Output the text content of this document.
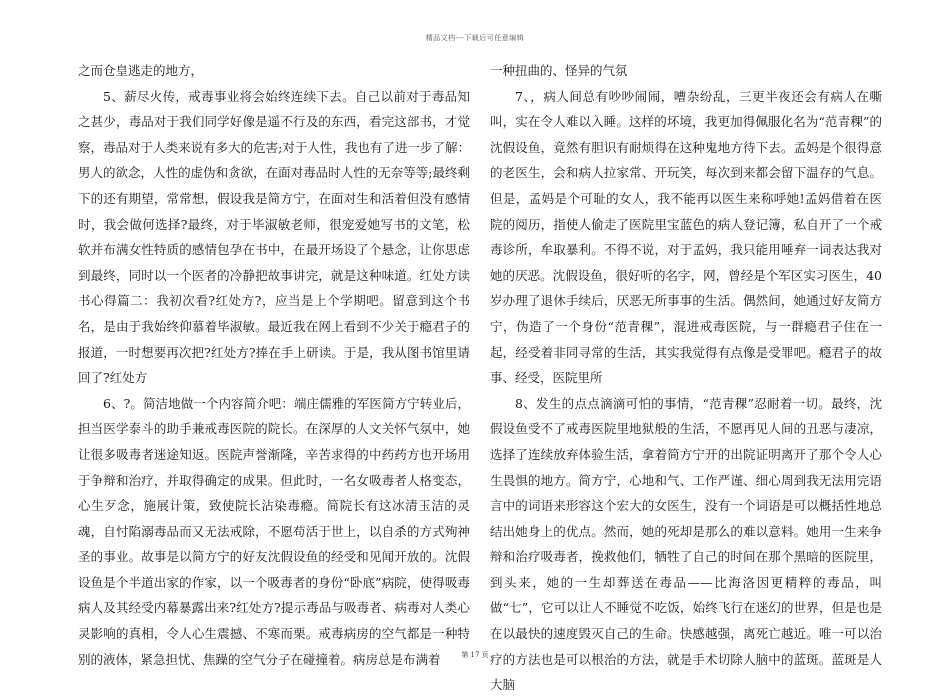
精品文档---下载后可任意编辑

之而仓皇逃走的地方，

5、薪尽火传，戒毒事业将会始终连续下去。自己以前对于毒品知之甚少，毒品对于我们同学好像是遥不行及的东西，看完这部书，才觉察，毒品对于人类来说有多大的危害;对于人性，我也有了进一步了解：男人的欲念，人性的虚伪和贪欲，在面对毒品时人性的无奈等等;最终剩下的还有期望，常常想，假设我是简方宁，在面对生和活着但没有感情时，我会做何选择?最终，对于毕淑敏老师，很宠爱她写书的文笔，松软并布满女性特质的感情包孕在书中，在最开场设了个悬念，让你思虑到最终，同时以一个医者的冷静把故事讲完，就是这种味道。红处方读书心得篇二：我初次看?红处方?，应当是上个学期吧。留意到这个书名，是由于我始终仰慕着毕淑敏。最近我在网上看到不少关于瘾君子的报道，一时想要再次把?红处方?捧在手上研读。于是，我从图书馆里请回了?红处方

6、?。简洁地做一个内容简介吧：端庄儒雅的军医简方宁转业后，担当医学泰斗的助手兼戒毒医院的院长。在深厚的人文关怀气氛中，她让很多吸毒者迷途知返。医院声誉渐隆，辛苦求得的中药药方也开场用于争辩和治疗，并取得确定的成果。但此时，一名女吸毒者人格变态，心生歹念，施展计策，致使院长沾染毒瘾。简院长有这冰清玉洁的灵魂，自忖陷溺毒品而又无法戒除，不愿苟活于世上，以自杀的方式殉神圣的事业。故事是以简方宁的好友沈假设鱼的经受和见闻开放的。沈假设鱼是个半道出家的作家，以一个吸毒者的身份“卧底”病院，使得吸毒病人及其经受内幕暴露出来?红处方?提示毒品与吸毒者、病毒对人类心灵影响的真相，令人心生震撼、不寒而栗。戒毒病房的空气都是一种特别的液体，紧急担忧、焦躁的空气分子在碰撞着。病房总是布满着

一种扭曲的、怪异的气氛

7、，病人间总有吵吵闹闹，嘈杂纷乱，三更半夜还会有病人在嘶叫，实在令人难以入睡。这样的坏境，我更加得佩服化名为“范青稞”的沈假设鱼，竟然有胆识有耐烦得在这种鬼地方待下去。孟妈是个很得意的老医生，会和病人拉家常、开玩笑，每次到来都会留下温存的气息。但是，孟妈是个可耻的女人，我不能再以医生来称呼她!孟妈借着在医院的阅历，指使人偷走了医院里宝蓝色的病人登记簿，私自开了一个戒毒诊所，牟取暴利。不得不说，对于孟妈，我只能用唾弃一词表达我对她的厌恶。沈假设鱼，很好听的名字，网，曾经是个军区实习医生，40岁办理了退休手续后，厌恶无所事事的生活。偶然间，她通过好友简方宁，伪造了一个身份“范青稞”，混进戒毒医院，与一群瘾君子住在一起，经受着非同寻常的生活，其实我觉得有点像是受罪吧。瘾君子的故事、经受，医院里所

8、发生的点点滴滴可怕的事情，“范青稞”忍耐着一切。最终，沈假设鱼受不了戒毒医院里地狱般的生活，不愿再见人间的丑恶与凄凉，选择了连续放弃体验生活，拿着简方宁开的出院证明离开了那个令人心生畏惧的地方。简方宁，心地和气、工作严谨、细心周到我无法用完语言中的词语来形容这个宏大的女医生，没有一个词语是可以概括性地总结出她身上的优点。然而，她的死却是那么的难以意料。她用一生来争辩和治疗吸毒者，挽救他们，牺牲了自己的时间在那个黑暗的医院里，到头来，她的一生却葬送在毒品——比海洛因更精粹的毒品，叫做“七”，它可以让人不睡觉不吃饭，始终飞行在迷幻的世界，但是也是在以最快的速度毁灭自己的生命。快感越强，离死亡越近。唯一可以治疗的方法也是可以根治的方法，就是手术切除人脑中的蓝斑。蓝斑是人大脑

第 17 页
